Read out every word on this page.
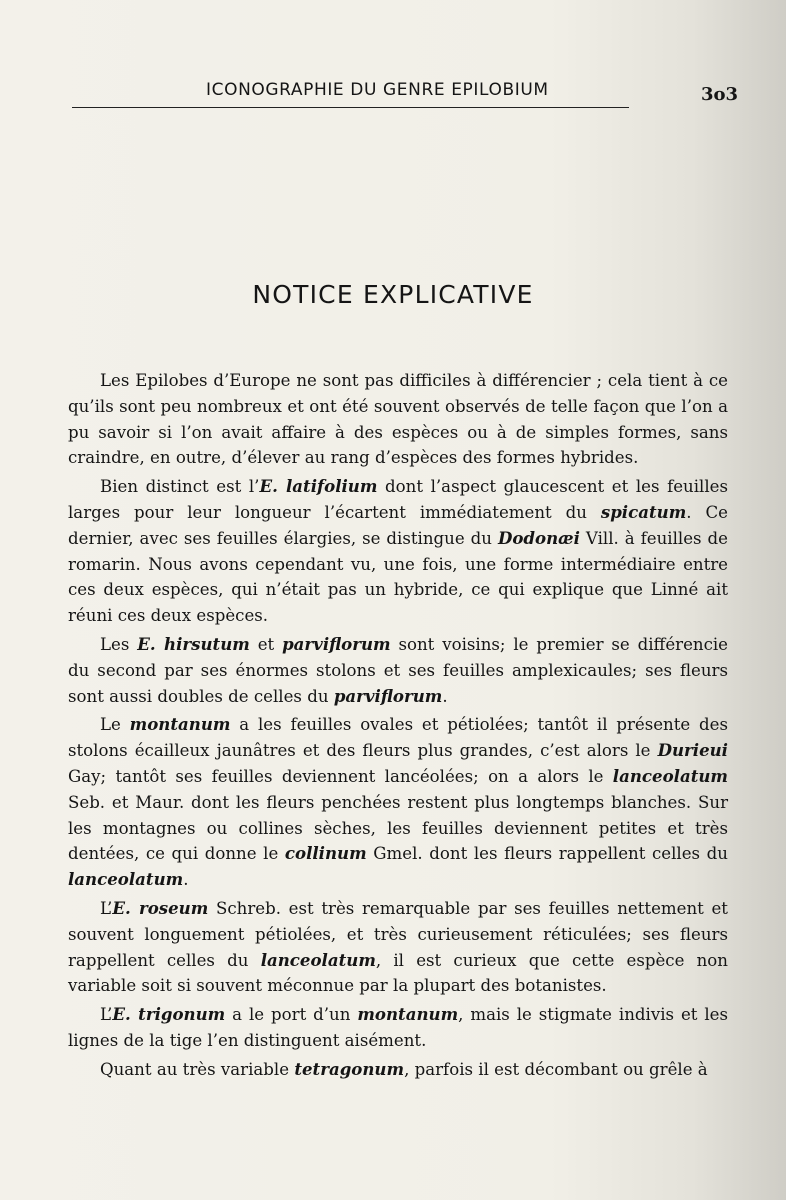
ICONOGRAPHIE DU GENRE EPILOBIUM	3o3
NOTICE EXPLICATIVE

Les Epilobes d’Europe ne sont pas difficiles à différencier ; cela tient à ce qu’ils sont peu nombreux et ont été souvent observés de telle façon que l’on a pu savoir si l’on avait affaire à des espèces ou à de simples formes, sans craindre, en outre, d’élever au rang d’espèces des formes hybrides.

Bien distinct est l’E. latifolium dont l’aspect glaucescent et les feuilles larges pour leur longueur l’écartent immédiatement du spicatum. Ce dernier, avec ses feuilles élargies, se distingue du Dodonæi Vill. à feuilles de romarin. Nous avons cependant vu, une fois, une forme intermédiaire entre ces deux espèces, qui n’était pas un hybride, ce qui explique que Linné ait réuni ces deux espèces.

Les E. hirsutum et parviflorum sont voisins; le premier se différencie du second par ses énormes stolons et ses feuilles amplexicaules; ses fleurs sont aussi doubles de celles du parviflorum.

Le montanum a les feuilles ovales et pétiolées; tantôt il présente des stolons écailleux jaunâtres et des fleurs plus grandes, c’est alors le Durieui Gay; tantôt ses feuilles deviennent lancéolées; on a alors le lanceolatum Seb. et Maur. dont les fleurs penchées restent plus longtemps blanches. Sur les montagnes ou collines sèches, les feuilles deviennent petites et très dentées, ce qui donne le collinum Gmel. dont les fleurs rappellent celles du lanceolatum.

L’E. roseum Schreb. est très remarquable par ses feuilles nettement et souvent longuement pétiolées, et très curieusement réticulées; ses fleurs rappellent celles du lanceolatum, il est curieux que cette espèce non variable soit si souvent méconnue par la plupart des botanistes.

L’E. trigonum a le port d’un montanum, mais le stigmate indivis et les lignes de la tige l’en distinguent aisément.

Quant au très variable tetragonum, parfois il est décombant ou grêle à
